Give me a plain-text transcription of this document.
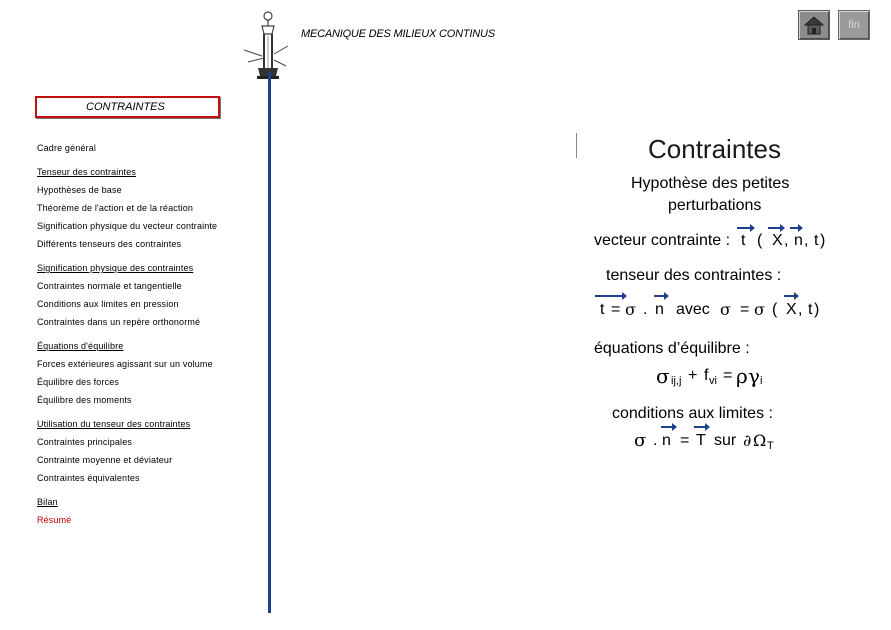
MECANIQUE DES MILIEUX CONTINUS
fin
CONTRAINTES
Cadre général
Tenseur des contraintes
Hypothèses de base
Théorème de l'action et de la réaction
Signification physique du vecteur contrainte
Différents tenseurs des contraintes
Signification physique des contraintes
Contraintes normale et tangentielle
Conditions aux limites en pression
Contraintes dans un repère orthonormé
Équations d'équilibre
Forces extérieures agissant sur un volume
Équilibre des forces
Équilibre des moments
Utilisation du tenseur des contraintes
Contraintes principales
Contrainte moyenne et déviateur
Contraintes équivalentes
Bilan
Résumé
Contraintes
Hypothèse des petites
perturbations
vecteur contrainte : t ( X , n , t )
tenseur des contraintes :
t = σ . n avec σ = σ ( X , t )
équations d’équilibre :
σ ij,j + f vi = ρ γ i
conditions aux limites :
σ . n = T sur ∂ Ω T
